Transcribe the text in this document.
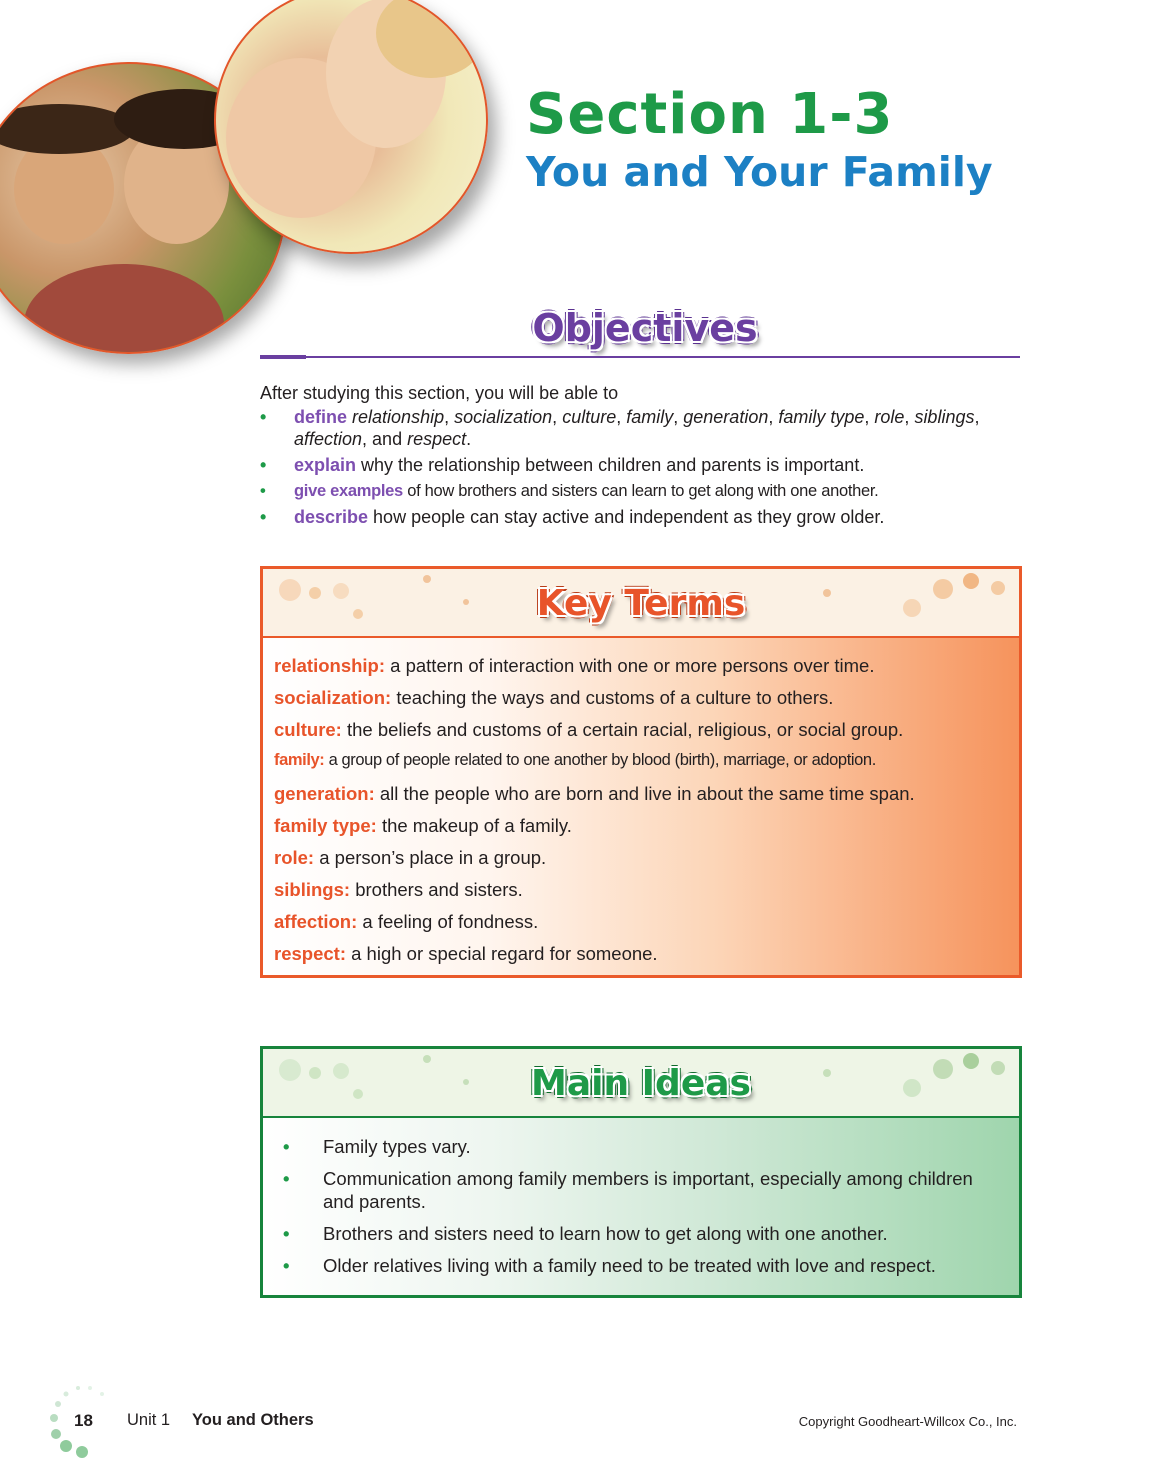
Section 1-3
You and Your Family
Objectives
After studying this section, you will be able to
• define relationship, socialization, culture, family, generation, family type, role, siblings, affection, and respect.
• explain why the relationship between children and parents is important.
• give examples of how brothers and sisters can learn to get along with one another.
• describe how people can stay active and independent as they grow older.
Key Terms
relationship: a pattern of interaction with one or more persons over time.
socialization: teaching the ways and customs of a culture to others.
culture: the beliefs and customs of a certain racial, religious, or social group.
family: a group of people related to one another by blood (birth), marriage, or adoption.
generation: all the people who are born and live in about the same time span.
family type: the makeup of a family.
role: a person’s place in a group.
siblings: brothers and sisters.
affection: a feeling of fondness.
respect: a high or special regard for someone.
Main Ideas
• Family types vary.
• Communication among family members is important, especially among children and parents.
• Brothers and sisters need to learn how to get along with one another.
• Older relatives living with a family need to be treated with love and respect.
18 Unit 1 You and Others	Copyright Goodheart-Willcox Co., Inc.
